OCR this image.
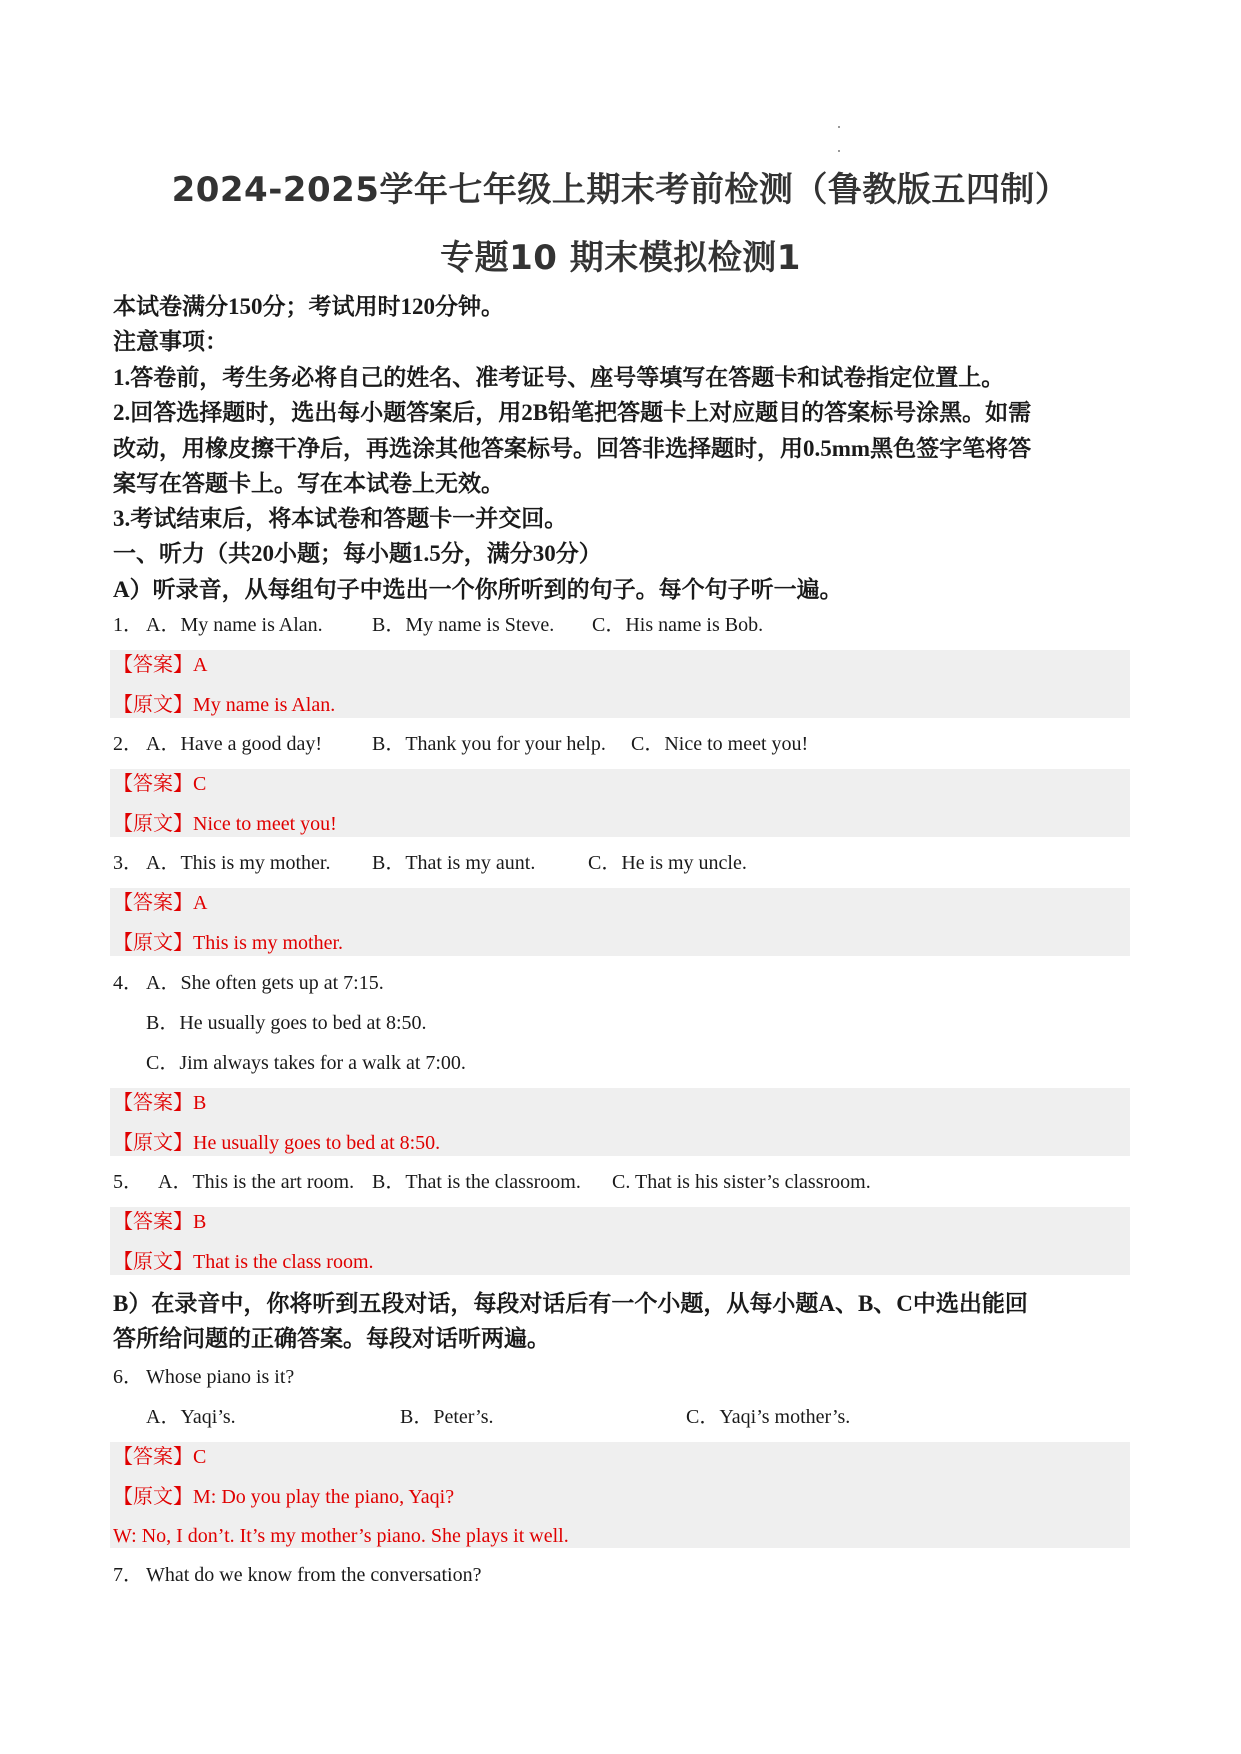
2024-2025学年七年级上期末考前检测（鲁教版五四制）
专题10 期末模拟检测1
本试卷满分150分；考试用时120分钟。
注意事项：
1.答卷前，考生务必将自己的姓名、准考证号、座号等填写在答题卡和试卷指定位置上。
2.回答选择题时，选出每小题答案后，用2B铅笔把答题卡上对应题目的答案标号涂黑。如需
改动，用橡皮擦干净后，再选涂其他答案标号。回答非选择题时，用0.5mm黑色签字笔将答
案写在答题卡上。写在本试卷上无效。
3.考试结束后，将本试卷和答题卡一并交回。
一、听力（共20小题；每小题1.5分，满分30分）
A）听录音，从每组句子中选出一个你所听到的句子。每个句子听一遍。
1． A．My name is Alan. B．My name is Steve. C．His name is Bob.
【答案】A
【原文】My name is Alan.
2． A．Have a good day! B．Thank you for your help. C．Nice to meet you!
【答案】C
【原文】Nice to meet you!
3． A．This is my mother. B．That is my aunt.	C．He is my uncle.
【答案】A
【原文】This is my mother.
4． A．She often gets up at 7:15.
B．He usually goes to bed at 8:50.
C．Jim always takes for a walk at 7:00.
【答案】B
【原文】He usually goes to bed at 8:50.
5． A．This is the art room. B．That is the classroom. C. That is his sister’s classroom.
【答案】B
【原文】That is the class room.
B）在录音中，你将听到五段对话，每段对话后有一个小题，从每小题A、B、C中选出能回
答所给问题的正确答案。每段对话听两遍。
6． Whose piano is it?
A．Yaqi’s.	B．Peter’s.	C．Yaqi’s mother’s.
【答案】C
【原文】M: Do you play the piano, Yaqi?
W: No, I don’t. It’s my mother’s piano. She plays it well.
7． What do we know from the conversation?
